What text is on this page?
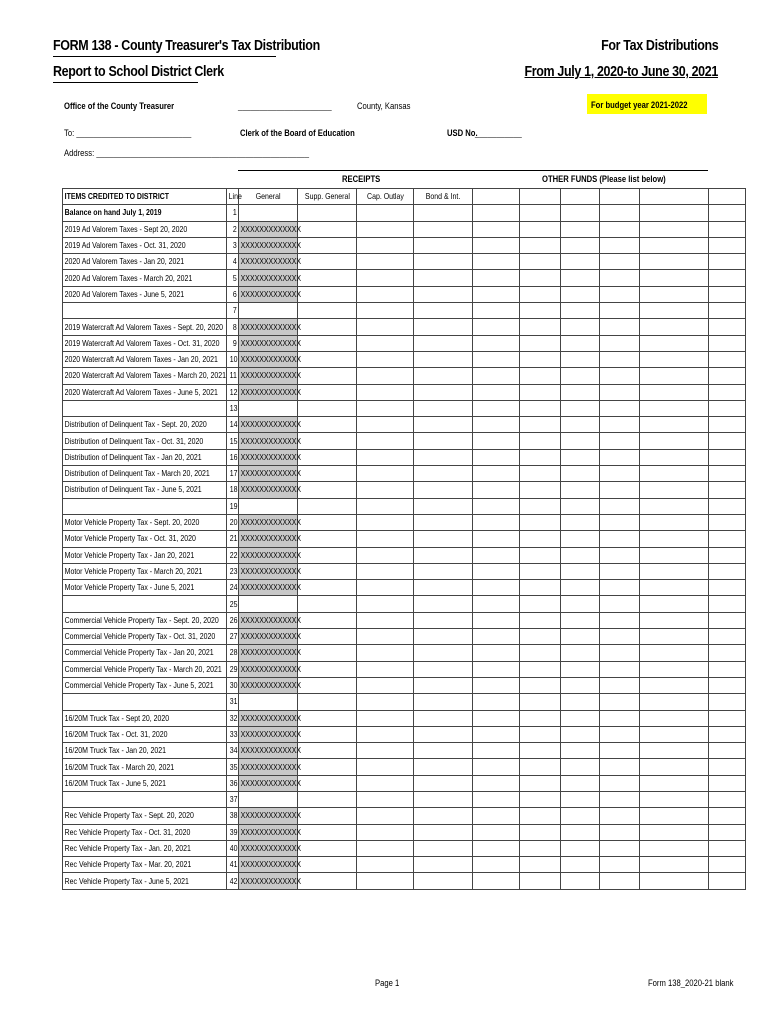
FORM 138 - County Treasurer's Tax Distribution
Report to School District Clerk
For Tax Distributions
From July 1, 2020-to June 30, 2021
Office of the County Treasurer	______________________	County, Kansas	For budget year 2021-2022
To: ___________________________	Clerk of the Board of Education	USD No.
___________
Address: __________________________________________________
RECEIPTS	OTHER FUNDS (Please list below)
ITEMS CREDITED TO DISTRICT	Line	General	Supp. General	Cap. Outlay	Bond & Int.						
Balance on hand July 1, 2019	1										
2019 Ad Valorem Taxes - Sept 20, 2020	2	XXXXXXXXXXXXX									
2019 Ad Valorem Taxes - Oct. 31, 2020	3	XXXXXXXXXXXXX									
2020 Ad Valorem Taxes - Jan 20, 2021	4	XXXXXXXXXXXXX									
2020 Ad Valorem Taxes - March 20, 2021	5	XXXXXXXXXXXXX									
2020 Ad Valorem Taxes - June 5, 2021	6	XXXXXXXXXXXXX									
	7										
2019 Watercraft Ad Valorem Taxes - Sept. 20, 2020	8	XXXXXXXXXXXXX									
2019 Watercraft Ad Valorem Taxes - Oct. 31, 2020	9	XXXXXXXXXXXXX									
2020 Watercraft Ad Valorem Taxes - Jan 20, 2021	10	XXXXXXXXXXXXX									
2020 Watercraft Ad Valorem Taxes - March 20, 2021	11	XXXXXXXXXXXXX									
2020 Watercraft Ad Valorem Taxes - June 5, 2021	12	XXXXXXXXXXXXX									
	13										
Distribution of Delinquent Tax - Sept. 20, 2020	14	XXXXXXXXXXXXX									
Distribution of Delinquent Tax - Oct. 31, 2020	15	XXXXXXXXXXXXX									
Distribution of Delinquent Tax - Jan 20, 2021	16	XXXXXXXXXXXXX									
Distribution of Delinquent Tax - March 20, 2021	17	XXXXXXXXXXXXX									
Distribution of Delinquent Tax - June 5, 2021	18	XXXXXXXXXXXXX									
	19										
Motor Vehicle Property Tax - Sept. 20, 2020	20	XXXXXXXXXXXXX									
Motor Vehicle Property Tax - Oct. 31, 2020	21	XXXXXXXXXXXXX									
Motor Vehicle Property Tax - Jan 20, 2021	22	XXXXXXXXXXXXX									
Motor Vehicle Property Tax - March 20, 2021	23	XXXXXXXXXXXXX									
Motor Vehicle Property Tax - June 5, 2021	24	XXXXXXXXXXXXX									
	25										
Commercial Vehicle Property Tax - Sept. 20, 2020	26	XXXXXXXXXXXXX									
Commercial Vehicle Property Tax - Oct. 31, 2020	27	XXXXXXXXXXXXX									
Commercial Vehicle Property Tax - Jan 20, 2021	28	XXXXXXXXXXXXX									
Commercial Vehicle Property Tax - March 20, 2021	29	XXXXXXXXXXXXX									
Commercial Vehicle Property Tax - June 5, 2021	30	XXXXXXXXXXXXX									
	31										
16/20M Truck Tax - Sept 20, 2020	32	XXXXXXXXXXXXX									
16/20M Truck Tax - Oct. 31, 2020	33	XXXXXXXXXXXXX									
16/20M Truck Tax - Jan 20, 2021	34	XXXXXXXXXXXXX									
16/20M Truck Tax - March 20, 2021	35	XXXXXXXXXXXXX									
16/20M Truck Tax - June 5, 2021	36	XXXXXXXXXXXXX									
	37										
Rec Vehicle Property Tax - Sept. 20, 2020	38	XXXXXXXXXXXXX									
Rec Vehicle Property Tax - Oct. 31, 2020	39	XXXXXXXXXXXXX									
Rec Vehicle Property Tax - Jan. 20, 2021	40	XXXXXXXXXXXXX									
Rec Vehicle Property Tax - Mar. 20, 2021	41	XXXXXXXXXXXXX									
Rec Vehicle Property Tax - June 5, 2021	42	XXXXXXXXXXXXX									
Page 1	Form 138_2020-21 blank
